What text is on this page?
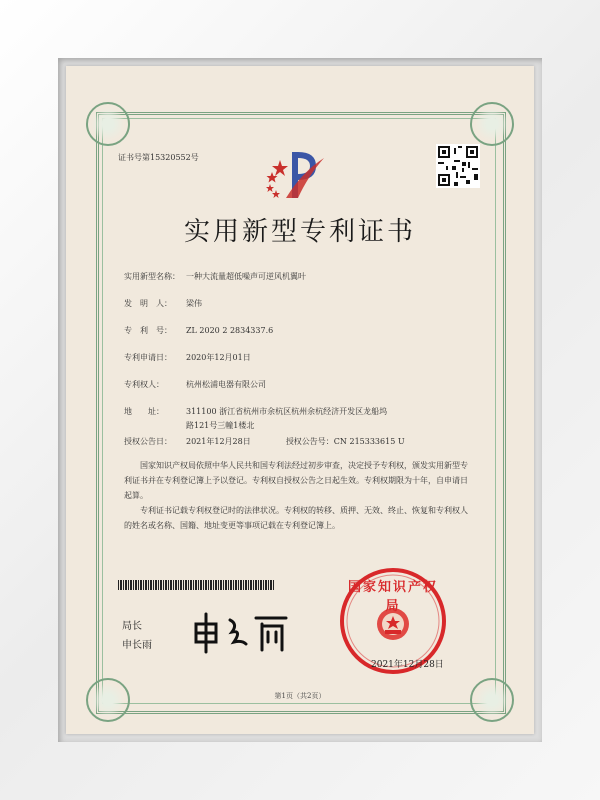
证书号第15320552号
实用新型专利证书
实用新型名称： 一种大流量超低噪声可逆风机翼叶
发　明　人： 梁伟
专　利　号： ZL 2020 2 2834337.6
专利申请日： 2020年12月01日
专利权人：	杭州松浦电器有限公司
地　　址：	311100 浙江省杭州市余杭区杭州余杭经济开发区龙船坞
路121号三幢1楼北
授权公告日： 2021年12月28日	授权公告号：CN 215333615 U
国家知识产权局依照中华人民共和国专利法经过初步审查，决定授予专利权，颁发实用新型专利证书并在专利登记簿上予以登记。专利权自授权公告之日起生效。专利权期限为十年，自申请日起算。
专利证书记载专利权登记时的法律状况。专利权的转移、质押、无效、终止、恢复和专利权人的姓名或名称、国籍、地址变更等事项记载在专利登记簿上。
局长
申长雨
国家知识产权局
2021年12月28日
第1页（共2页）
